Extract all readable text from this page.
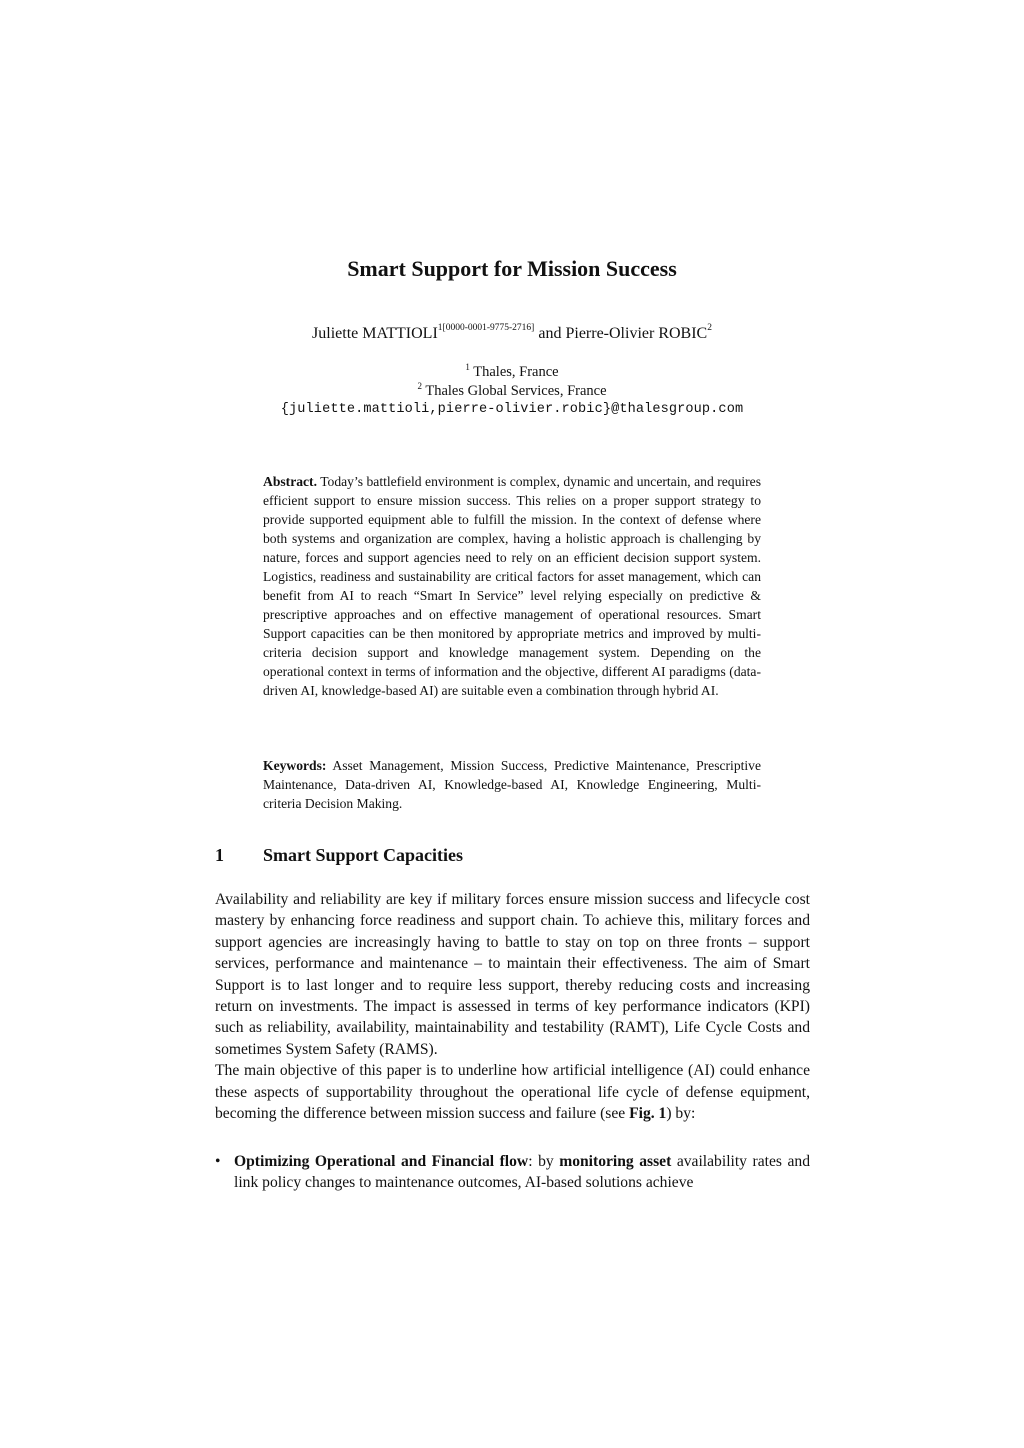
Smart Support for Mission Success
Juliette $MATTIOLI^{1[0000-0001-9775-2716]}$ and Pierre-Olivier ROBIC$^2$
$^1$ Thales, France
$^2$ Thales Global Services, France
{juliette.mattioli,pierre-olivier.robic}@thalesgroup.com

Abstract. Today’s battlefield environment is complex, dynamic and uncertain, and requires efficient support to ensure mission success. This relies on a proper support strategy to provide supported equipment able to fulfill the mission. In the context of defense where both systems and organization are complex, having a holistic approach is challenging by nature, forces and support agencies need to rely on an efficient decision support system. Logistics, readiness and sustainability are critical factors for asset management, which can benefit from AI to reach “Smart In Service” level relying especially on predictive & prescriptive approaches and on effective management of operational resources. Smart Support capacities can be then monitored by appropriate metrics and improved by multi-criteria decision support and knowledge management system. Depending on the operational context in terms of information and the objective, different AI paradigms (data-driven AI, knowledge-based AI) are suitable even a combination through hybrid AI.

Keywords: Asset Management, Mission Success, Predictive Maintenance, Prescriptive Maintenance, Data-driven AI, Knowledge-based AI, Knowledge Engineering, Multi-criteria Decision Making.

1 Smart Support Capacities

Availability and reliability are key if military forces ensure mission success and lifecycle cost mastery by enhancing force readiness and support chain. To achieve this, military forces and support agencies are increasingly having to battle to stay on top on three fronts – support services, performance and maintenance – to maintain their effectiveness. The aim of Smart Support is to last longer and to require less support, thereby reducing costs and increasing return on investments. The impact is assessed in terms of key performance indicators (KPI) such as reliability, availability, maintainability and testability (RAMT), Life Cycle Costs and sometimes System Safety (RAMS).

The main objective of this paper is to underline how artificial intelligence (AI) could enhance these aspects of supportability throughout the operational life cycle of defense equipment, becoming the difference between mission success and failure (see Fig. 1) by:

• Optimizing Operational and Financial flow: by monitoring asset availability rates and link policy changes to maintenance outcomes, AI-based solutions achieve
